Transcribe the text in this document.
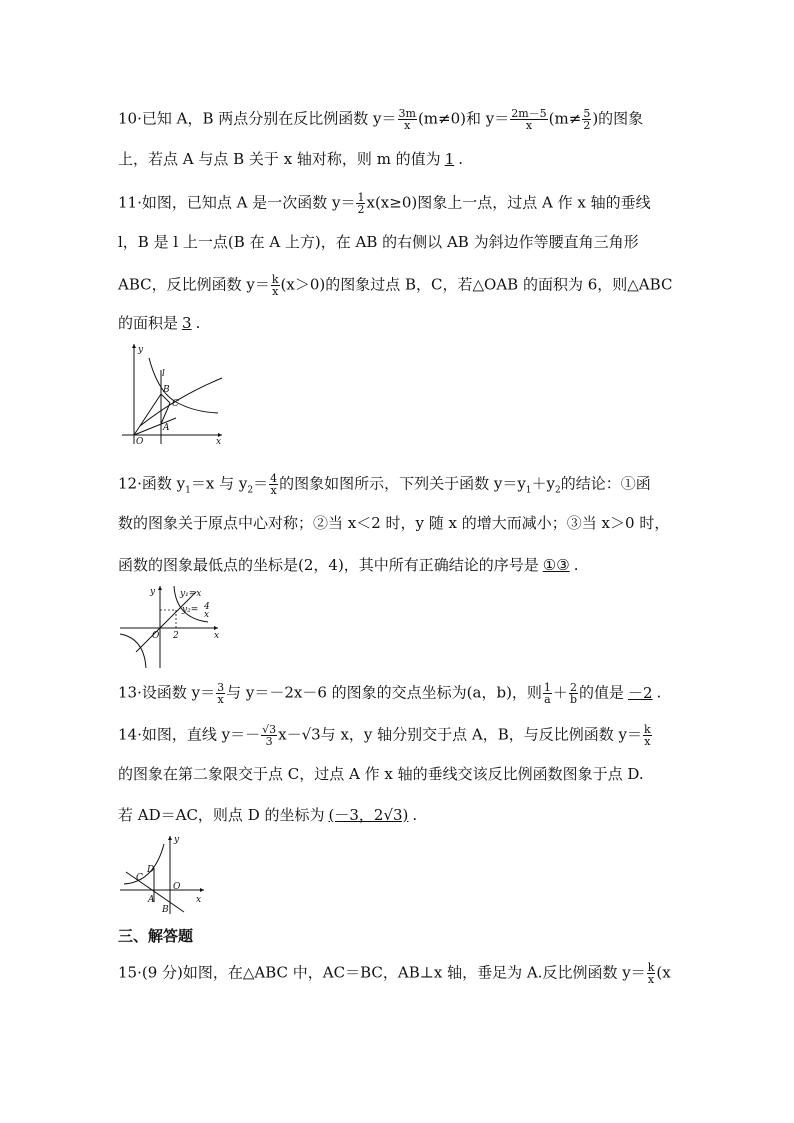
10·已知 A，B 两点分别在反比例函数 $y= \frac{3m}{x} (m\ne 0)$和 $y= \frac{2m-5}{x} (m\ne \frac{5}{2}$ )的图象
上，若点 A 与点 B 关于 x 轴对称，则 m 的值为 1 .
11·如图，已知点 A 是一次函数 $y= \frac{1}{2} x(x\ge 0)$图象上一点，过点 A 作 x 轴的垂线
l，B 是 l 上一点(B 在 A 上方)，在 AB 的右侧以 AB 为斜边作等腰直角三角形
ABC，反比例函数 $y= \frac{k}{x} (x>0)$的图象过点 B，C，若△OAB 的面积为 6，则△ABC
的面积是 3 .
y
l
B
C
A
O	x
12·函数 $y_1=x$ 与 $y_2= \frac{4}{x}$ 的图象如图所示，下列关于函数 $y=y_1+y_2$的结论：①函
数的图象关于原点中心对称；②当 x＜2 时，y 随 x 的增大而减小；③当 x＞0 时，
函数的图象最低点的坐标是(2，4)，其中所有正确结论的序号是 ①③ .
y	y₁=x
y₂= 4
x
O 2	x
13·设函数 $y= \frac{3}{x}$ 与 y＝－2x－6 的图象的交点坐标为(a，b)，则 $\frac{1}{a} + \frac{2}{b}$ 的值是 －2 .
14·如图，直线 $y=- \frac{√3}{3} x-√3$与 x，y 轴分别交于点 A，B，与反比例函数 $y= \frac{k}{x}$
的图象在第二象限交于点 C，过点 A 作 x 轴的垂线交该反比例函数图象于点 D.
若 AD＝AC，则点 D 的坐标为 (－3，2√3) .
y
D
C
O
A
B
x
三、解答题
15·(9 分)如图，在△ABC 中，AC＝BC，AB⊥x 轴，垂足为 A.反比例函数 $y= \frac{k}{x} (x$
